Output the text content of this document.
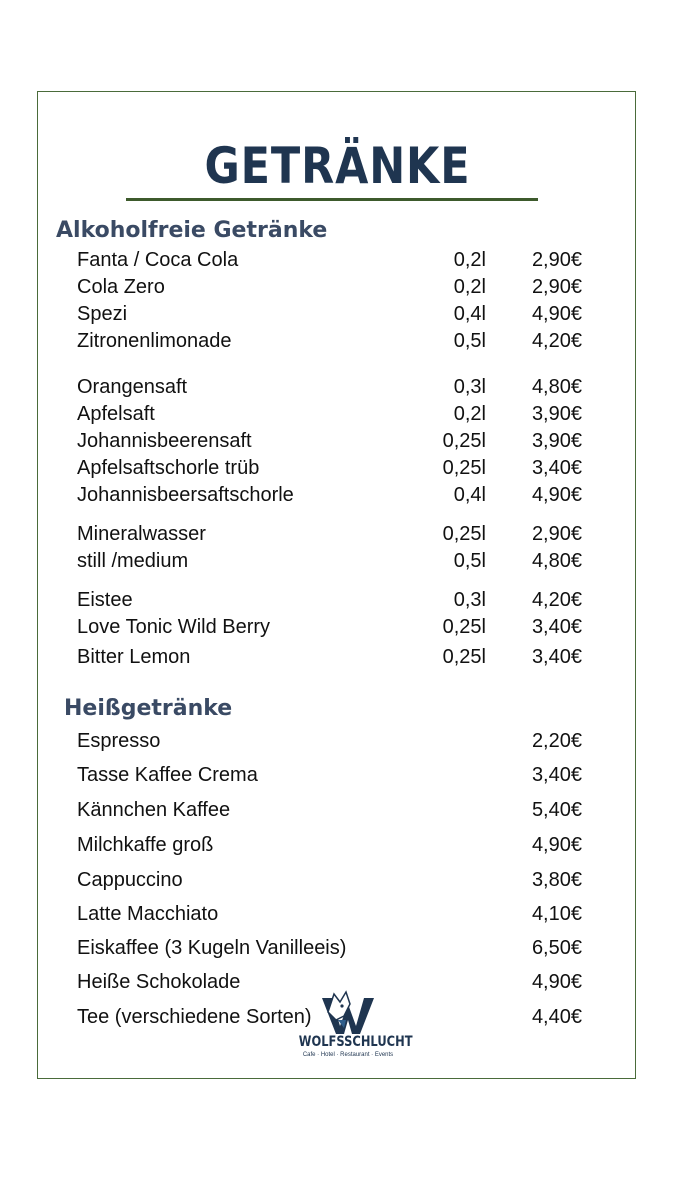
GETRÄNKE
Alkoholfreie Getränke
Fanta / Coca Cola	0,2l 2,90€
Cola Zero	0,2l 2,90€
Spezi	0,4l 4,90€
Zitronenlimonade	0,5l 4,20€
Orangensaft	0,3l 4,80€
Apfelsaft	0,2l 3,90€
Johannisbeerensaft	0,25l 3,90€
Apfelsaftschorle trüb	0,25l 3,40€
Johannisbeersaftschorle	0,4l 4,90€
Mineralwasser	0,25l 2,90€
still /medium	0,5l 4,80€
Eistee	0,3l 4,20€
Love Tonic Wild Berry	0,25l 3,40€
Bitter Lemon	0,25l 3,40€
Heißgetränke
Espresso	2,20€
Tasse Kaffee Crema	3,40€
Kännchen Kaffee	5,40€
Milchkaffe groß	4,90€
Cappuccino	3,80€
Latte Macchiato	4,10€
Eiskaffee (3 Kugeln Vanilleeis)	6,50€
Heiße Schokolade	4,90€
Tee (verschiedene Sorten)	4,40€
WOLFSSCHLUCHT
Cafe · Hotel · Restaurant · Events
